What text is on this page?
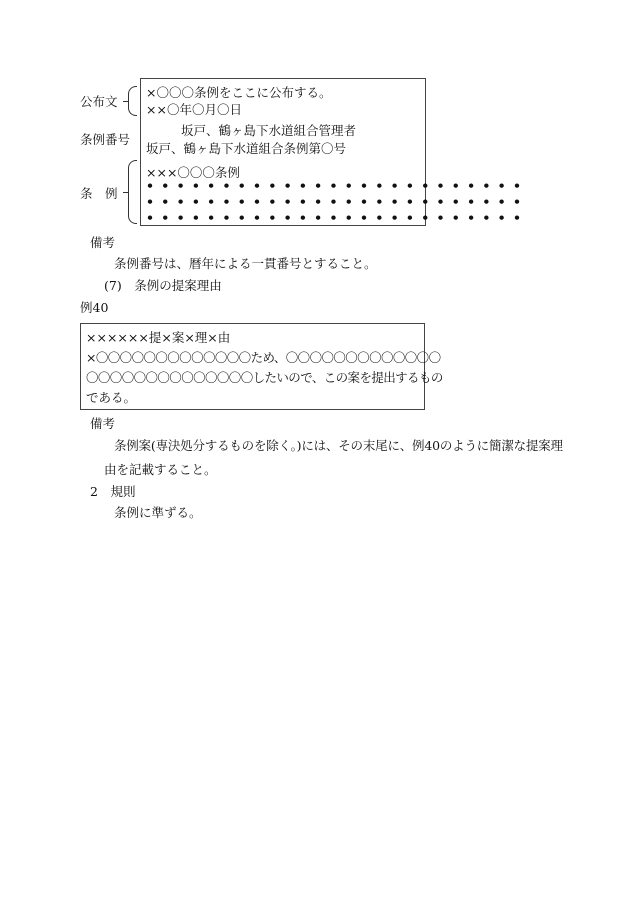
公布文
条例番号
条　例
×〇〇〇条例をここに公布する。
××〇年〇月〇日
坂戸、鶴ヶ島下水道組合管理者
坂戸、鶴ヶ島下水道組合条例第〇号
×××〇〇〇条例
•••••••••••••••••••••••••
•••••••••••••••••••••••••
•••••••••••••••••••••••••
備考
条例番号は、暦年による一貫番号とすること。
(7)　条例の提案理由
例40
××××××提×案×理×由
×〇〇〇〇〇〇〇〇〇〇〇〇〇ため、〇〇〇〇〇〇〇〇〇〇〇〇〇
〇〇〇〇〇〇〇〇〇〇〇〇〇〇したいので、この案を提出するもの
である。
備考
条例案(専決処分するものを除く。)には、その末尾に、例40のように簡潔な提案理
由を記載すること。
2　規則
条例に準ずる。
